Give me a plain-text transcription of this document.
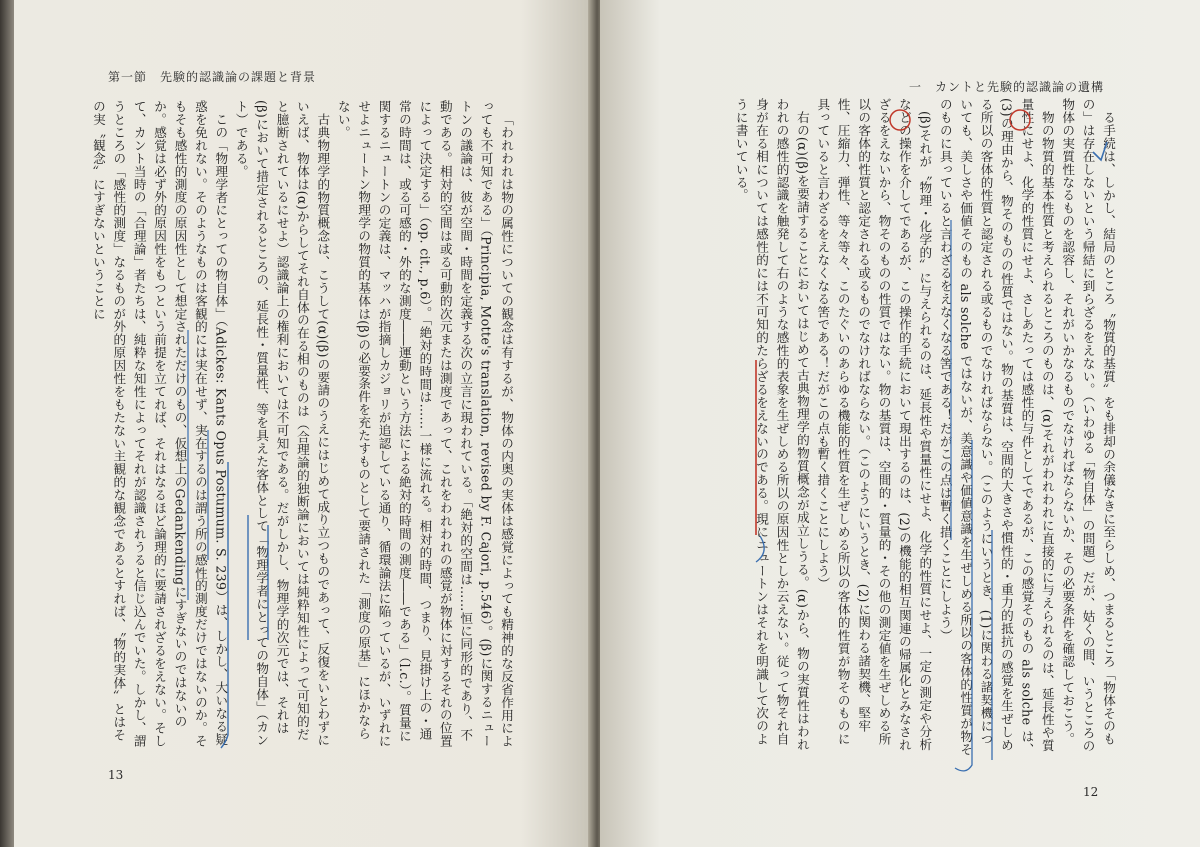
第一節　先験的認識論の課題と背景

「われわれは物の属性についての観念は有するが、物体の内奥の実体は感覚によっても精神的な反省作用によっても不可知である」（Principia, Motte's translation, revised by F. Cajori, p.546）。(β)に関するニュートンの議論は、彼が空間・時間を定義する次の立言に現われている。「絶対的空間は……恒に同形的であり、不動である。相対的空間は或る可動的次元または測度であって、これをわれわれの感覚が物体に対するそれの位置によって決定する」（op. cit., p.6）。「絶対的時間は……一様に流れる。相対的時間、つまり、見掛け上の・通常の時間は、或る可感的・外的な測度――運動という方法による絶対的時間の測度――である」（l.c.）。質量に関するニュートンの定義は、マッハが指摘しカジョリが追認している通り、循環論法に陥っているが、いずれにせよニュートン物理学の物質的基体は(β)の必要条件を充たすものとして要請された「測度の原基」にほかならない。

古典物理学的物質概念は、こうして(α)(β)の要請のうえにはじめて成り立つものであって、反復をいとわずにいえば、物体は(α)からしてそれ自体の在る相のものは（合理論的独断論においては純粋知性によって可知的だと臆断されているにせよ）認識論上の権利においては不可知である。だがしかし、物理学的次元では、それは(β)において措定されるところの、延長性・質量性、等を具えた客体として「物理学者にとっての物自体」（カント）である。

この「物理学者にとっての物自体」（Adickes: Kants Opus Postumum. S. 239）は、しかし、大いなる疑惑を免れない。そのようなものは客観的には実在せず、実在するのは謂う所の感性的測度だけではないのか。そもそも感性的測度の原因性として想定されただけのもの、仮想上のGedankendingにすぎないのではないのか。感覚は必ず外的原因性をもつという前提を立てれば、それはなるほど論理的に要請されざるをえない。そして、カント当時の「合理論」者たちは、純粋な知性によってそれが認識されうると信じ込んでいた。しかし、謂うところの「感性的測度」なるものが外的原因性をもたない主観的な観念であるとすれば、〝物的実体〟とはその実〝観念〟にすぎないということに

13
一　カントと先験的認識論の遺構

る手続は、しかし、結局のところ〝物質的基質〟をも排却の余儀なきに至らしめ、つまるところ「物体そのもの」は存在しないという帰結に到らざるをえない。（いわゆる「物自体」の問題）だが、姑くの間、いうところの物体の実質性なるものを認容し、それがいかなるものでなければならないか、その必要条件を確認しておこう。

物の物質的基本性質と考えられるところのものは、(α)それがわれわれに直接的に与えられるのは、延長性や質量性にせよ、化学的性質にせよ、さしあたっては感性的与件としてであるが、この感覚そのもの als solche は、(3)の理由から、物そのものの性質ではない。物の基質は、空間的大きさや慣性的・重力的抵抗の感覚を生ぜしめる所以の客体的性質と認定される或るものでなければならない。（このようにいうとき、(1)に関わる諸契機についても、美しさや価値そのもの als solche ではないが、美意識や価値意識を生ぜしめる所以の客体的性質が物そのものに具っていると言わざるをえなくなる筈である！だがこの点は暫く措くことにしよう）

(β)それが〝物理・化学的〟に与えられるのは、延長性や質量性にせよ、化学的性質にせよ、一定の測定や分析などの操作を介してであるが、この操作的手続において現出するのは、(2)の機能的相互関連の帰属化とみなされざるをえないから、物そのものの性質ではない。物の基質は、空間的・質量的・その他の測定値を生ぜしめる所以の客体的性質と認定される或るものでなければならない。（このようにいうとき、(2)に関わる諸契機、堅牢性、圧縮力、弾性、等々等々、このたぐいのあらゆる機能的性質を生ぜしめる所以の客体的性質が物そのものに具っていると言わざるをえなくなる筈である！だがこの点も暫く措くことにしよう）

右の(α)(β)を要請することにおいてはじめて古典物理学的物質概念が成立しうる。(α)から、物の実質性はわれわれの感性的認識を触発して右のような感性的表象を生ぜしめる所以の原因性としか云えない。従って物それ自身が在る相については感性的には不可知的たらざるをえないのである。現にニュートンはそれを明識して次のように書いている。

12
